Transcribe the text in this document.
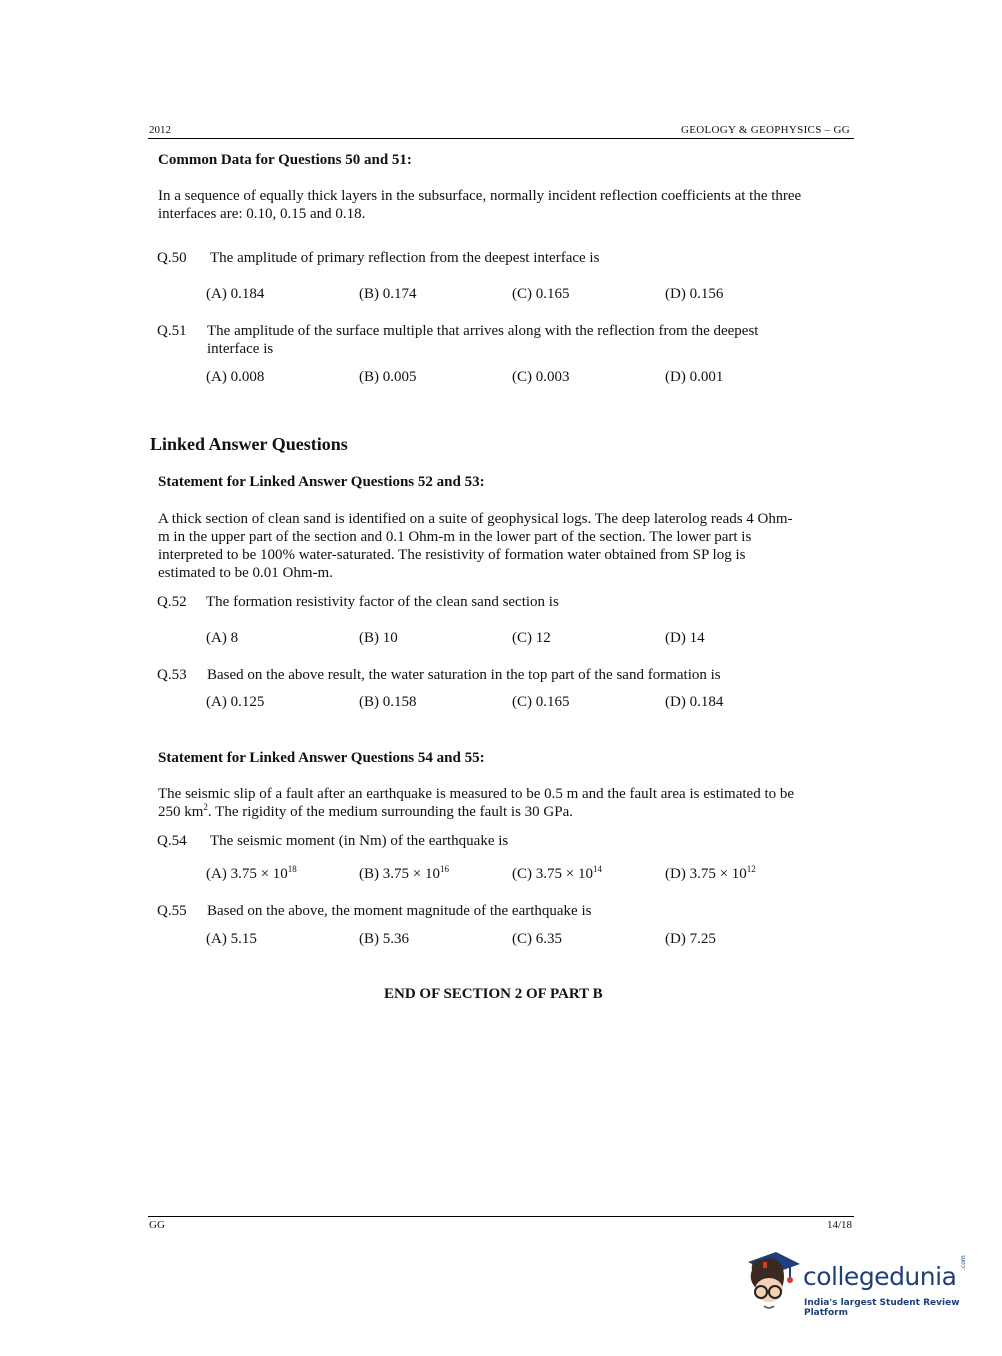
2012	GEOLOGY & GEOPHYSICS – GG
Common Data for Questions 50 and 51:
In a sequence of equally thick layers in the subsurface, normally incident reflection coefficients at the three
interfaces are: 0.10, 0.15 and 0.18.
Q.50 The amplitude of primary reflection from the deepest interface is
(A) 0.184	(B) 0.174	(C) 0.165	(D) 0.156
Q.51 The amplitude of the surface multiple that arrives along with the reflection from the deepest
interface is
(A) 0.008	(B) 0.005	(C) 0.003	(D) 0.001
Linked Answer Questions
Statement for Linked Answer Questions 52 and 53:
A thick section of clean sand is identified on a suite of geophysical logs. The deep laterolog reads 4 Ohm-
m in the upper part of the section and 0.1 Ohm-m in the lower part of the section. The lower part is
interpreted to be 100% water-saturated. The resistivity of formation water obtained from SP log is
estimated to be 0.01 Ohm-m.
Q.52 The formation resistivity factor of the clean sand section is
(A) 8	(B) 10	(C) 12	(D) 14
Q.53 Based on the above result, the water saturation in the top part of the sand formation is
(A) 0.125	(B) 0.158	(C) 0.165	(D) 0.184
Statement for Linked Answer Questions 54 and 55:
The seismic slip of a fault after an earthquake is measured to be 0.5 m and the fault area is estimated to be
250 $km^2$. The rigidity of the medium surrounding the fault is 30 GPa.
Q.54 The seismic moment (in Nm) of the earthquake is
(A) $3.75 \times 10^{18}$	(B) $3.75 \times 10^{16}$	(C) $3.75 \times 10^{14}$	(D) $3.75 \times 10^{12}$
Q.55 Based on the above, the moment magnitude of the earthquake is
(A) 5.15	(B) 5.36	(C) 6.35	(D) 7.25
END OF SECTION 2 OF PART B
GG	14/18
collegedunia .com
India's largest Student Review Platform
